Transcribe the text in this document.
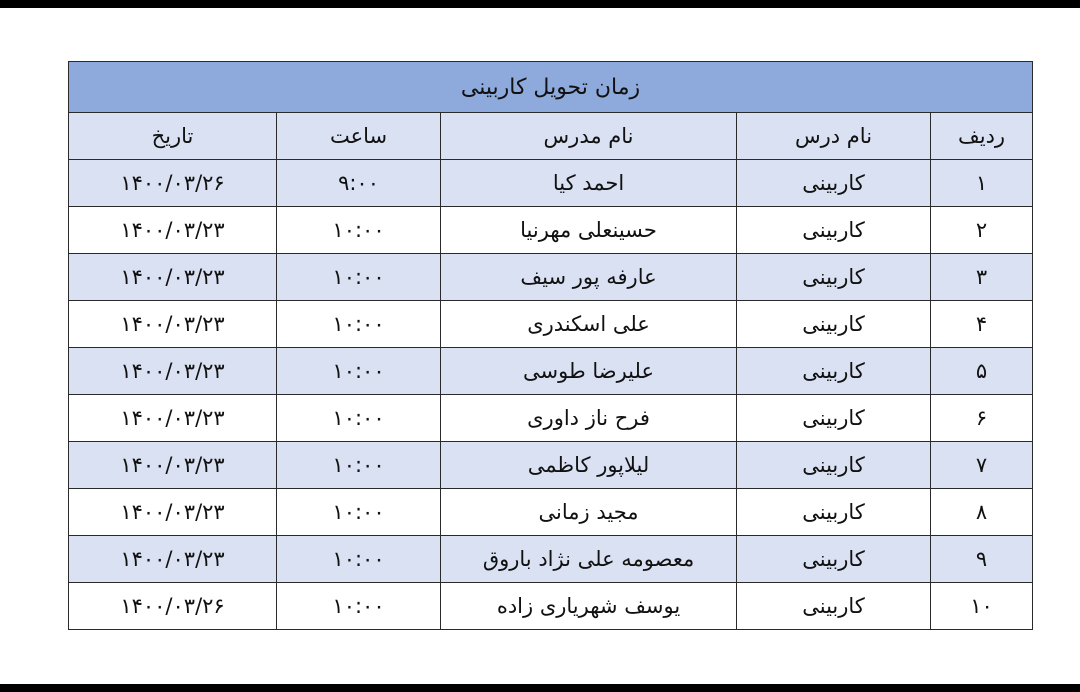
زمان تحویل کاربینی				
ردیف	نام درس	نام مدرس	ساعت	تاریخ
۱	کاربینی	احمد کیا	۹:۰۰	۱۴۰۰/۰۳/۲۶
۲	کاربینی	حسینعلی مهرنیا	۱۰:۰۰	۱۴۰۰/۰۳/۲۳
۳	کاربینی	عارفه پور سیف	۱۰:۰۰	۱۴۰۰/۰۳/۲۳
۴	کاربینی	علی اسکندری	۱۰:۰۰	۱۴۰۰/۰۳/۲۳
۵	کاربینی	علیرضا طوسی	۱۰:۰۰	۱۴۰۰/۰۳/۲۳
۶	کاربینی	فرح ناز داوری	۱۰:۰۰	۱۴۰۰/۰۳/۲۳
۷	کاربینی	لیلاپور کاظمی	۱۰:۰۰	۱۴۰۰/۰۳/۲۳
۸	کاربینی	مجید زمانی	۱۰:۰۰	۱۴۰۰/۰۳/۲۳
۹	کاربینی	معصومه علی نژاد باروق	۱۰:۰۰	۱۴۰۰/۰۳/۲۳
۱۰	کاربینی	یوسف شهریاری زاده	۱۰:۰۰	۱۴۰۰/۰۳/۲۶
